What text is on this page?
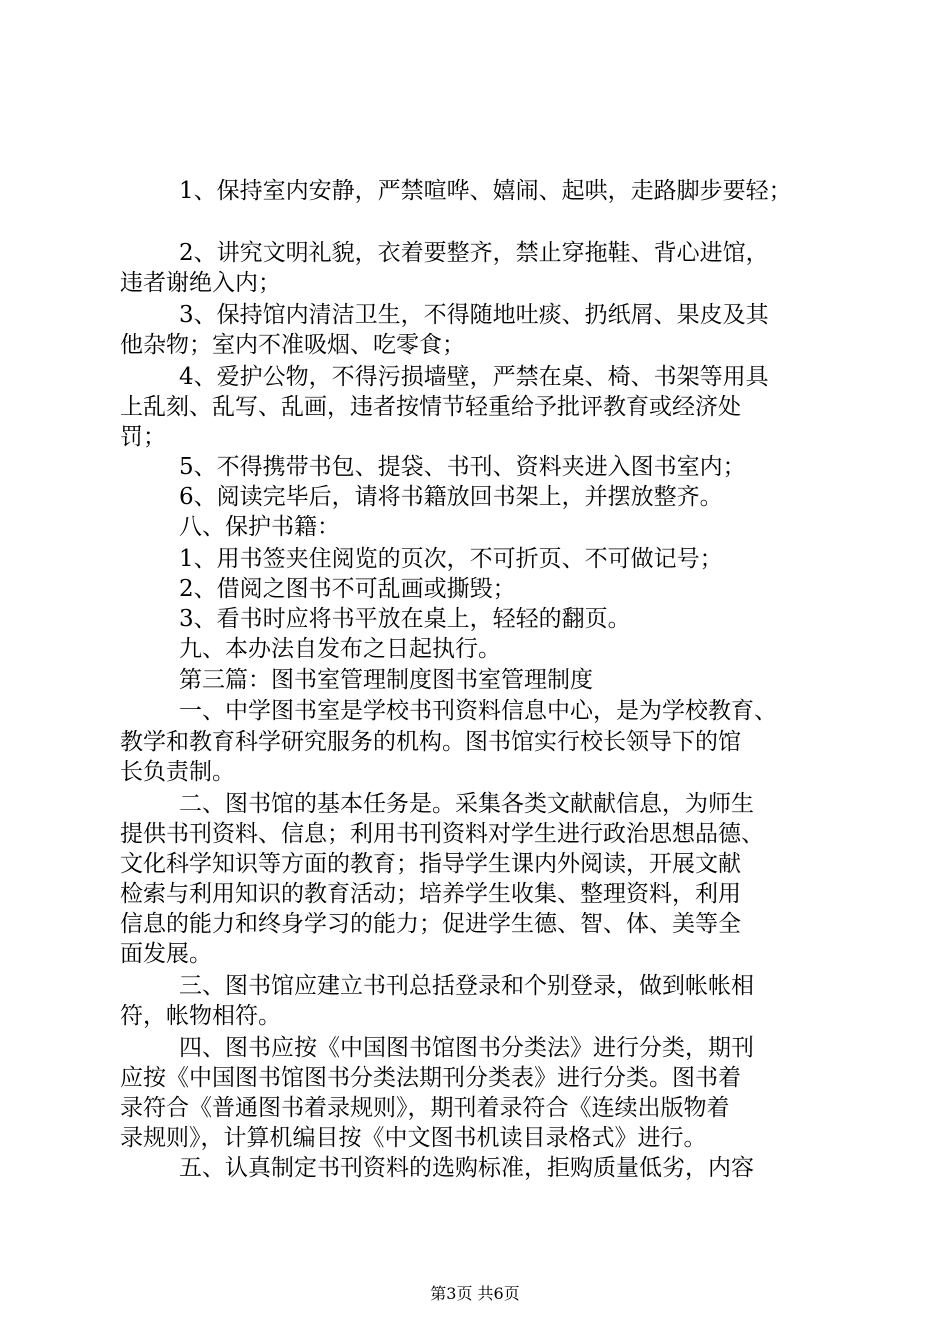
1、保持室内安静，严禁喧哗、嬉闹、起哄，走路脚步要轻；
2、讲究文明礼貌，衣着要整齐，禁止穿拖鞋、背心进馆，
违者谢绝入内；
3、保持馆内清洁卫生，不得随地吐痰、扔纸屑、果皮及其
他杂物；室内不准吸烟、吃零食；
4、爱护公物，不得污损墙壁，严禁在桌、椅、书架等用具
上乱刻、乱写、乱画，违者按情节轻重给予批评教育或经济处
罚；
5、不得携带书包、提袋、书刊、资料夹进入图书室内；
6、阅读完毕后，请将书籍放回书架上，并摆放整齐。
八、保护书籍：
1、用书签夹住阅览的页次，不可折页、不可做记号；
2、借阅之图书不可乱画或撕毁；
3、看书时应将书平放在桌上，轻轻的翻页。
九、本办法自发布之日起执行。
第三篇：图书室管理制度图书室管理制度
一、中学图书室是学校书刊资料信息中心，是为学校教育、
教学和教育科学研究服务的机构。图书馆实行校长领导下的馆
长负责制。
二、图书馆的基本任务是。采集各类文献献信息，为师生
提供书刊资料、信息；利用书刊资料对学生进行政治思想品德、
文化科学知识等方面的教育；指导学生课内外阅读，开展文献
检索与利用知识的教育活动；培养学生收集、整理资料，利用
信息的能力和终身学习的能力；促进学生德、智、体、美等全
面发展。
三、图书馆应建立书刊总括登录和个别登录，做到帐帐相
符，帐物相符。
四、图书应按《中国图书馆图书分类法》进行分类，期刊
应按《中国图书馆图书分类法期刊分类表》进行分类。图书着
录符合《普通图书着录规则》，期刊着录符合《连续出版物着
录规则》，计算机编目按《中文图书机读目录格式》进行。
五、认真制定书刊资料的选购标准，拒购质量低劣，内容
第3页 共6页
